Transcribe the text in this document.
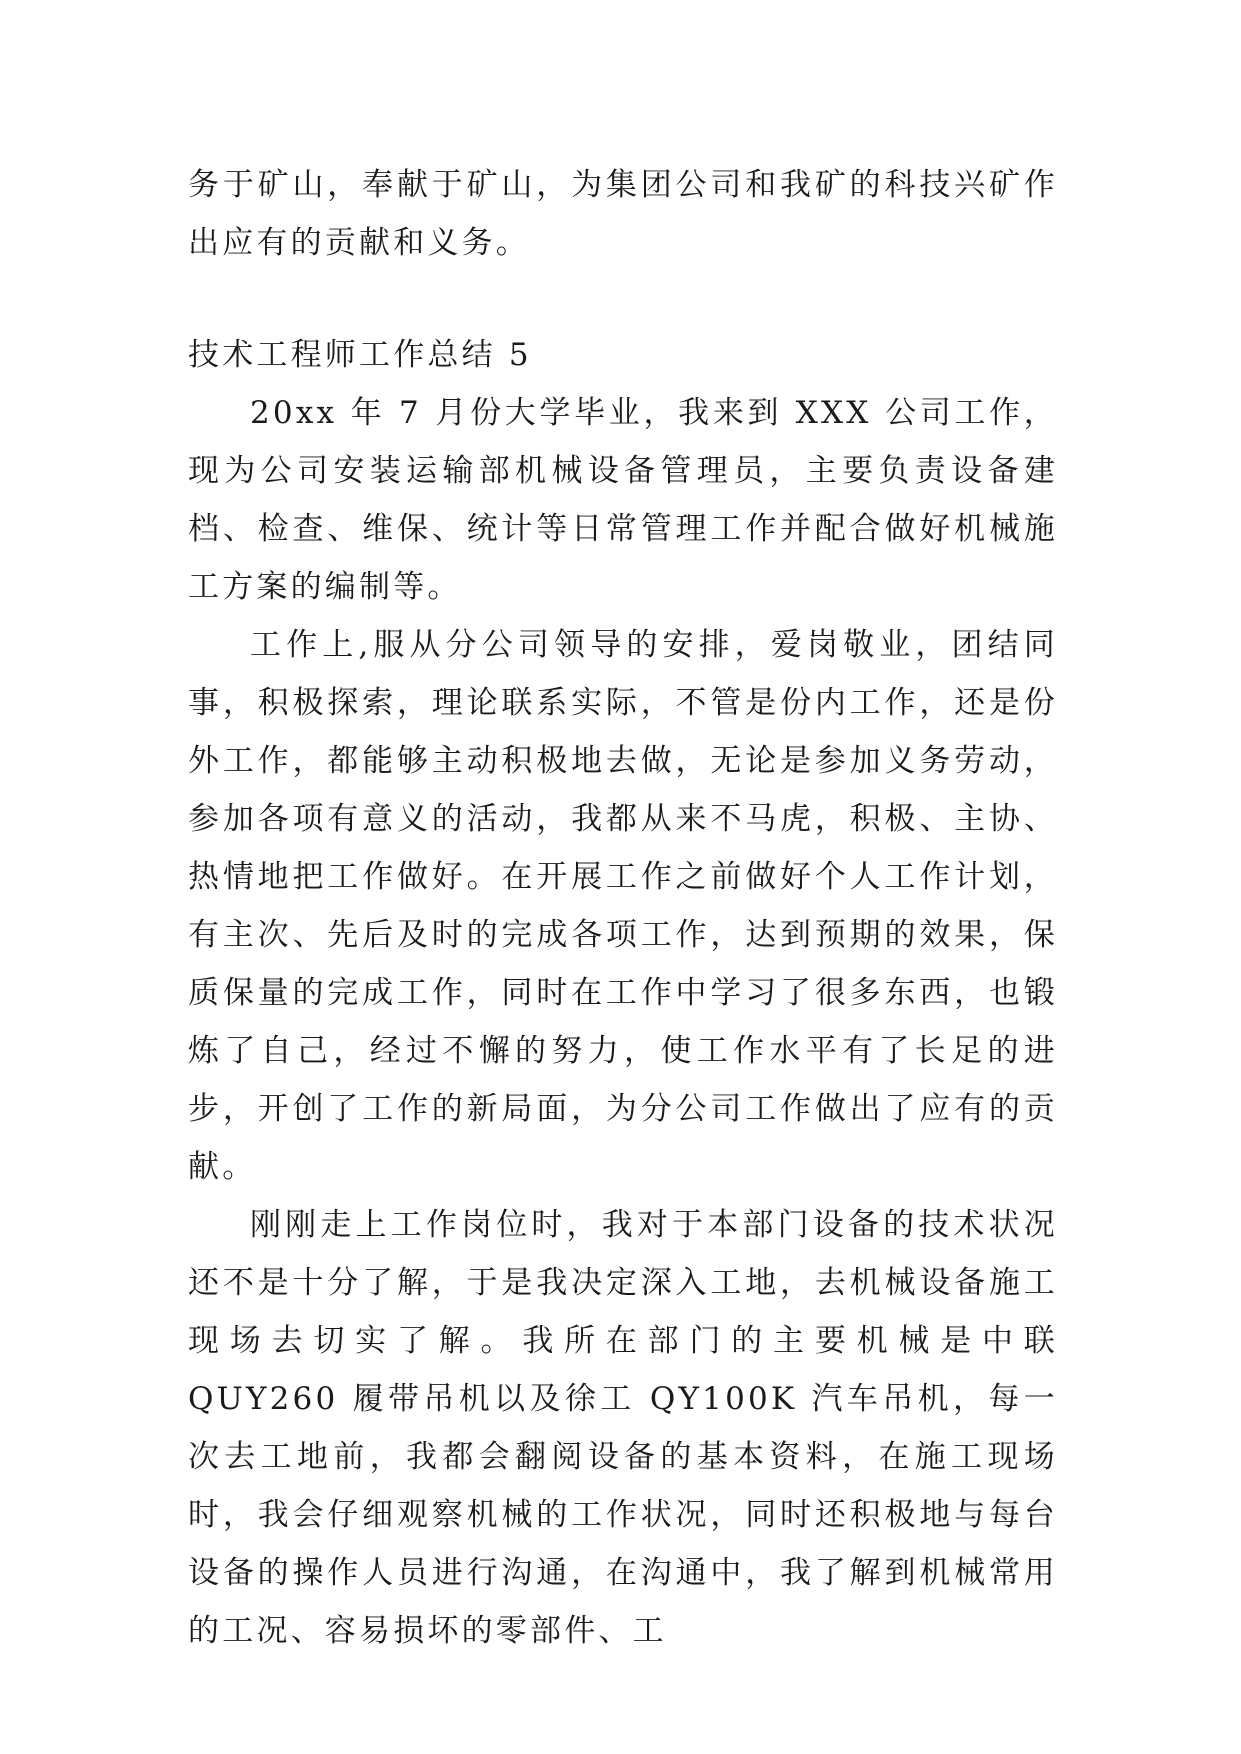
务于矿山，奉献于矿山，为集团公司和我矿的科技兴矿作出应有的贡献和义务。

技术工程师工作总结 5

20xx 年 7 月份大学毕业，我来到 XXX 公司工作，现为公司安装运输部机械设备管理员，主要负责设备建档、检查、维保、统计等日常管理工作并配合做好机械施工方案的编制等。

工作上,服从分公司领导的安排，爱岗敬业，团结同事，积极探索，理论联系实际，不管是份内工作，还是份外工作，都能够主动积极地去做，无论是参加义务劳动，参加各项有意义的活动，我都从来不马虎，积极、主协、热情地把工作做好。在开展工作之前做好个人工作计划，有主次、先后及时的完成各项工作，达到预期的效果，保质保量的完成工作，同时在工作中学习了很多东西，也锻炼了自己，经过不懈的努力，使工作水平有了长足的进步，开创了工作的新局面，为分公司工作做出了应有的贡献。

刚刚走上工作岗位时，我对于本部门设备的技术状况还不是十分了解，于是我决定深入工地，去机械设备施工现场去切实了解。我所在部门的主要机械是中联 QUY260 履带吊机以及徐工 QY100K 汽车吊机，每一次去工地前，我都会翻阅设备的基本资料，在施工现场时，我会仔细观察机械的工作状况，同时还积极地与每台设备的操作人员进行沟通，在沟通中，我了解到机械常用的工况、容易损坏的零部件、工
